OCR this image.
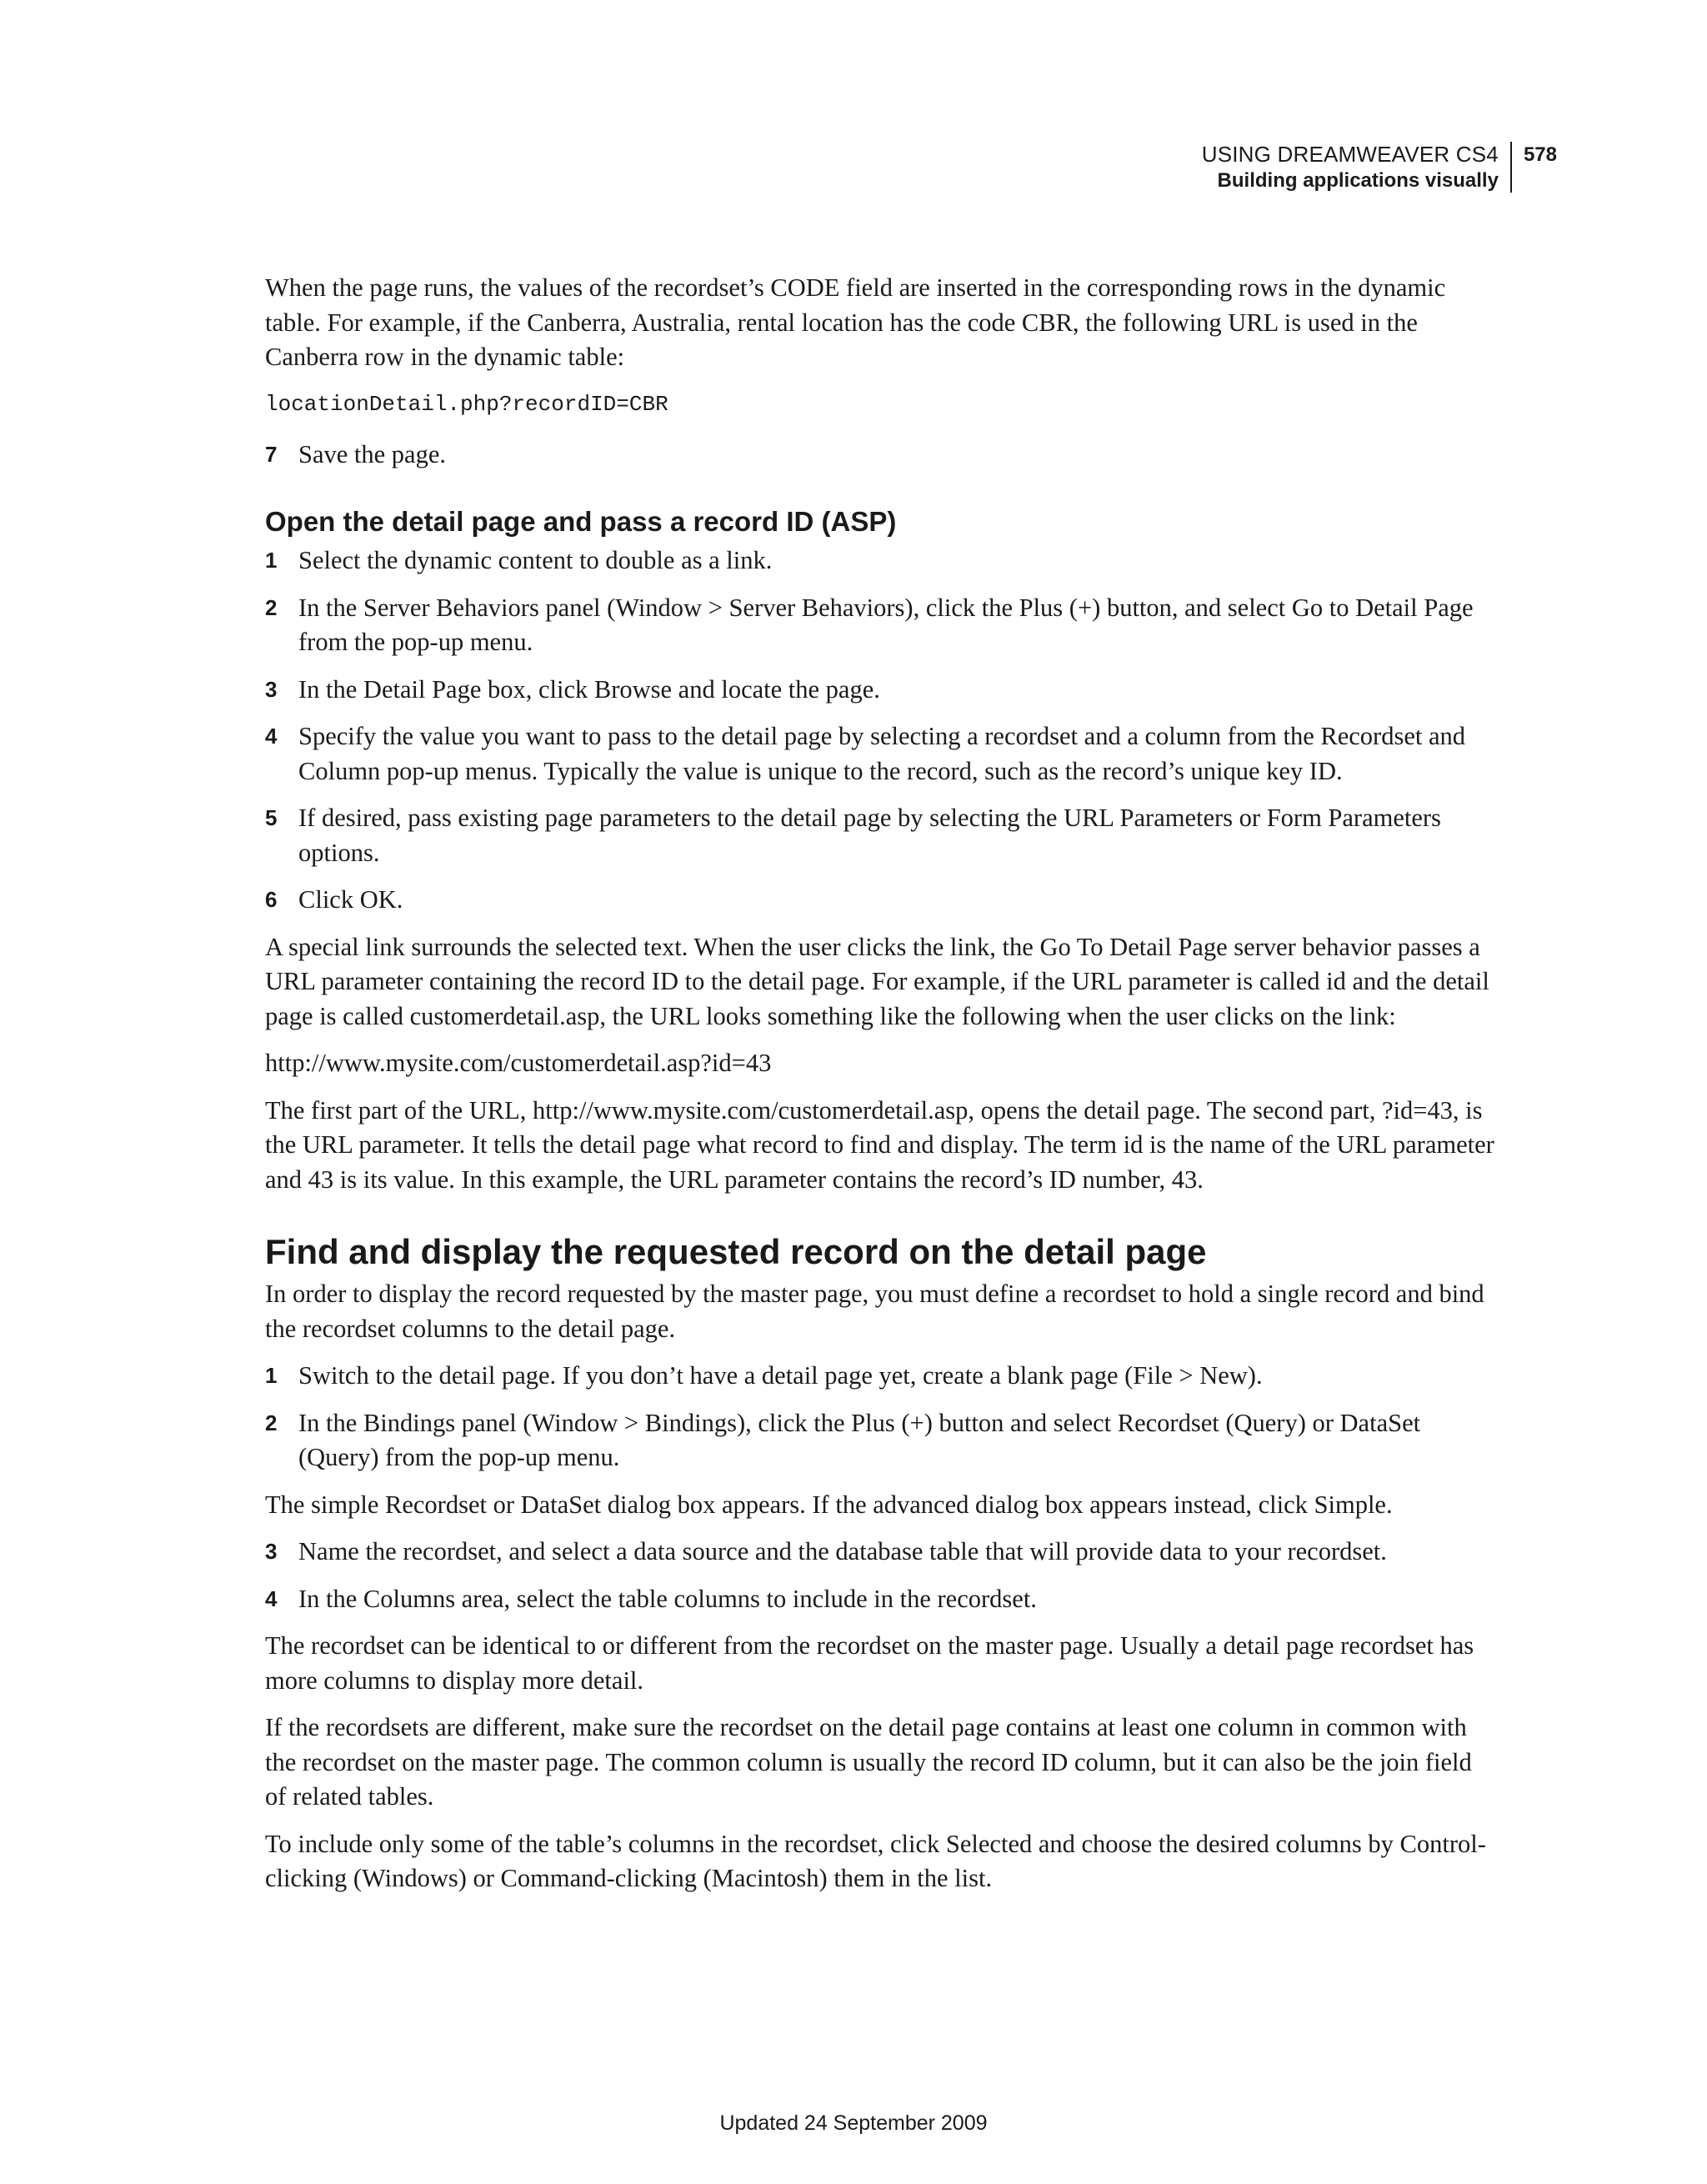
USING DREAMWEAVER CS4
Building applications visually
578

When the page runs, the values of the recordset’s CODE field are inserted in the corresponding rows in the dynamic table. For example, if the Canberra, Australia, rental location has the code CBR, the following URL is used in the Canberra row in the dynamic table:

locationDetail.php?recordID=CBR
7 Save the page.
Open the detail page and pass a record ID (ASP)
1 Select the dynamic content to double as a link.
2 In the Server Behaviors panel (Window > Server Behaviors), click the Plus (+) button, and select Go to Detail Page from the pop-up menu.
3 In the Detail Page box, click Browse and locate the page.
4 Specify the value you want to pass to the detail page by selecting a recordset and a column from the Recordset and Column pop-up menus. Typically the value is unique to the record, such as the record’s unique key ID.
5 If desired, pass existing page parameters to the detail page by selecting the URL Parameters or Form Parameters options.
6 Click OK.

A special link surrounds the selected text. When the user clicks the link, the Go To Detail Page server behavior passes a URL parameter containing the record ID to the detail page. For example, if the URL parameter is called id and the detail page is called customerdetail.asp, the URL looks something like the following when the user clicks on the link:

http://www.mysite.com/customerdetail.asp?id=43

The first part of the URL, http://www.mysite.com/customerdetail.asp, opens the detail page. The second part, ?id=43, is the URL parameter. It tells the detail page what record to find and display. The term id is the name of the URL parameter and 43 is its value. In this example, the URL parameter contains the record’s ID number, 43.

Find and display the requested record on the detail page

In order to display the record requested by the master page, you must define a recordset to hold a single record and bind the recordset columns to the detail page.

1 Switch to the detail page. If you don’t have a detail page yet, create a blank page (File > New).
2 In the Bindings panel (Window > Bindings), click the Plus (+) button and select Recordset (Query) or DataSet (Query) from the pop-up menu.

The simple Recordset or DataSet dialog box appears. If the advanced dialog box appears instead, click Simple.

3 Name the recordset, and select a data source and the database table that will provide data to your recordset.
4 In the Columns area, select the table columns to include in the recordset.

The recordset can be identical to or different from the recordset on the master page. Usually a detail page recordset has more columns to display more detail.

If the recordsets are different, make sure the recordset on the detail page contains at least one column in common with the recordset on the master page. The common column is usually the record ID column, but it can also be the join field of related tables.

To include only some of the table’s columns in the recordset, click Selected and choose the desired columns by Control-clicking (Windows) or Command-clicking (Macintosh) them in the list.

Updated 24 September 2009
